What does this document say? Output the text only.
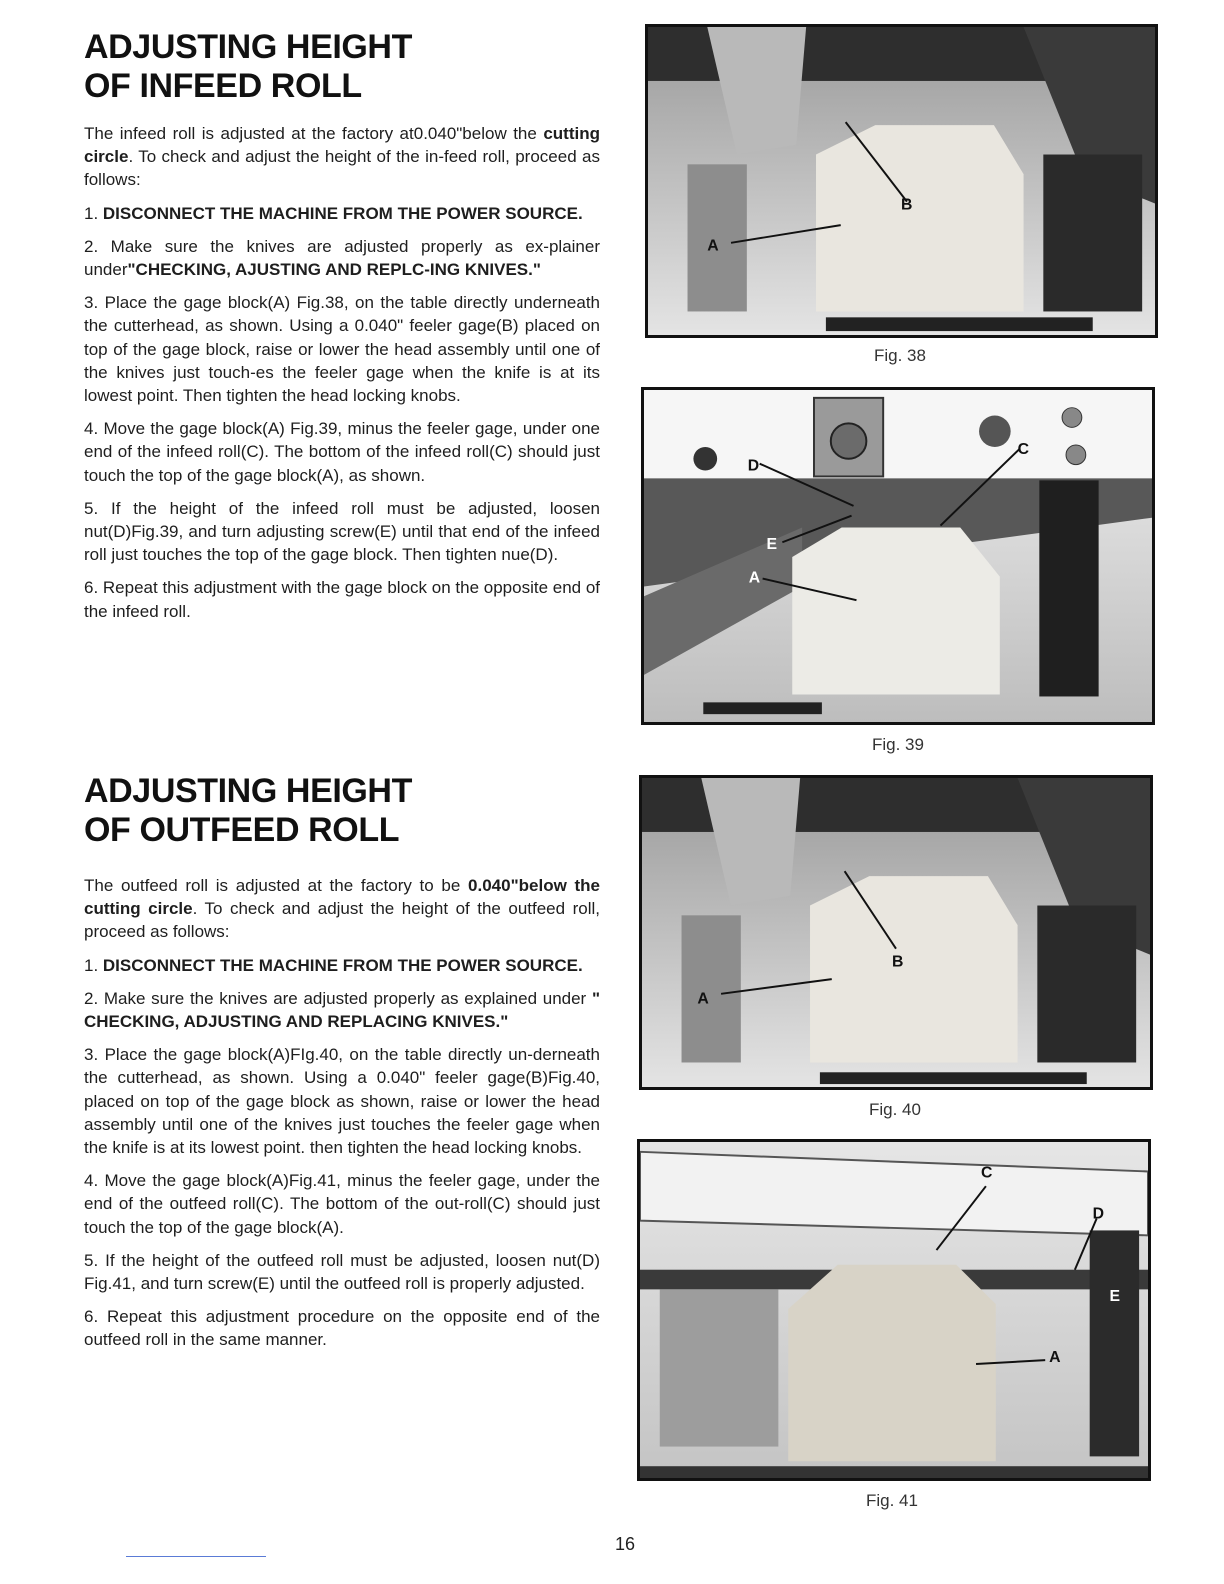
ADJUSTING HEIGHT
OF INFEED ROLL

The infeed roll is adjusted at the factory at0.040"below the cutting circle. To check and adjust the height of the in-feed roll, proceed as follows:

1. DISCONNECT THE MACHINE FROM THE POWER SOURCE.

2. Make sure the knives are adjusted properly as ex-plainer under"CHECKING, AJUSTING AND REPLC-ING KNIVES."

3. Place the gage block(A) Fig.38, on the table directly underneath the cutterhead, as shown. Using a 0.040" feeler gage(B) placed on top of the gage block, raise or lower the head assembly until one of the knives just touch-es the feeler gage when the knife is at its lowest point. Then tighten the head locking knobs.

4. Move the gage block(A) Fig.39, minus the feeler gage, under one end of the infeed roll(C). The bottom of the infeed roll(C) should just touch the top of the gage block(A), as shown.

5. If the height of the infeed roll must be adjusted, loosen nut(D)Fig.39, and turn adjusting screw(E) until that end of the infeed roll just touches the top of the gage block. Then tighten nue(D).

6. Repeat this adjustment with the gage block on the opposite end of the infeed roll.

ADJUSTING HEIGHT
OF OUTFEED ROLL

The outfeed roll is adjusted at the factory to be 0.040"below the cutting circle. To check and adjust the height of the outfeed roll, proceed as follows:

1. DISCONNECT THE MACHINE FROM THE POWER SOURCE.

2. Make sure the knives are adjusted properly as explained under " CHECKING, ADJUSTING AND REPLACING KNIVES."

3. Place the gage block(A)FIg.40, on the table directly un-derneath the cutterhead, as shown. Using a 0.040" feeler gage(B)Fig.40, placed on top of the gage block as shown, raise or lower the head assembly until one of the knives just touches the feeler gage when the knife is at its lowest point. then tighten the head locking knobs.

4. Move the gage block(A)Fig.41, minus the feeler gage, under the end of the outfeed roll(C). The bottom of the out-roll(C) should just touch the top of the gage block(A).

5. If the height of the outfeed roll must be adjusted, loosen nut(D) Fig.41, and turn screw(E) until the outfeed roll is properly adjusted.

6. Repeat this adjustment procedure on the opposite end of the outfeed roll in the same manner.

B
A
Fig. 38
D
C
E
A
Fig. 39
B
A
Fig. 40
C
D
E
A
Fig. 41
16
